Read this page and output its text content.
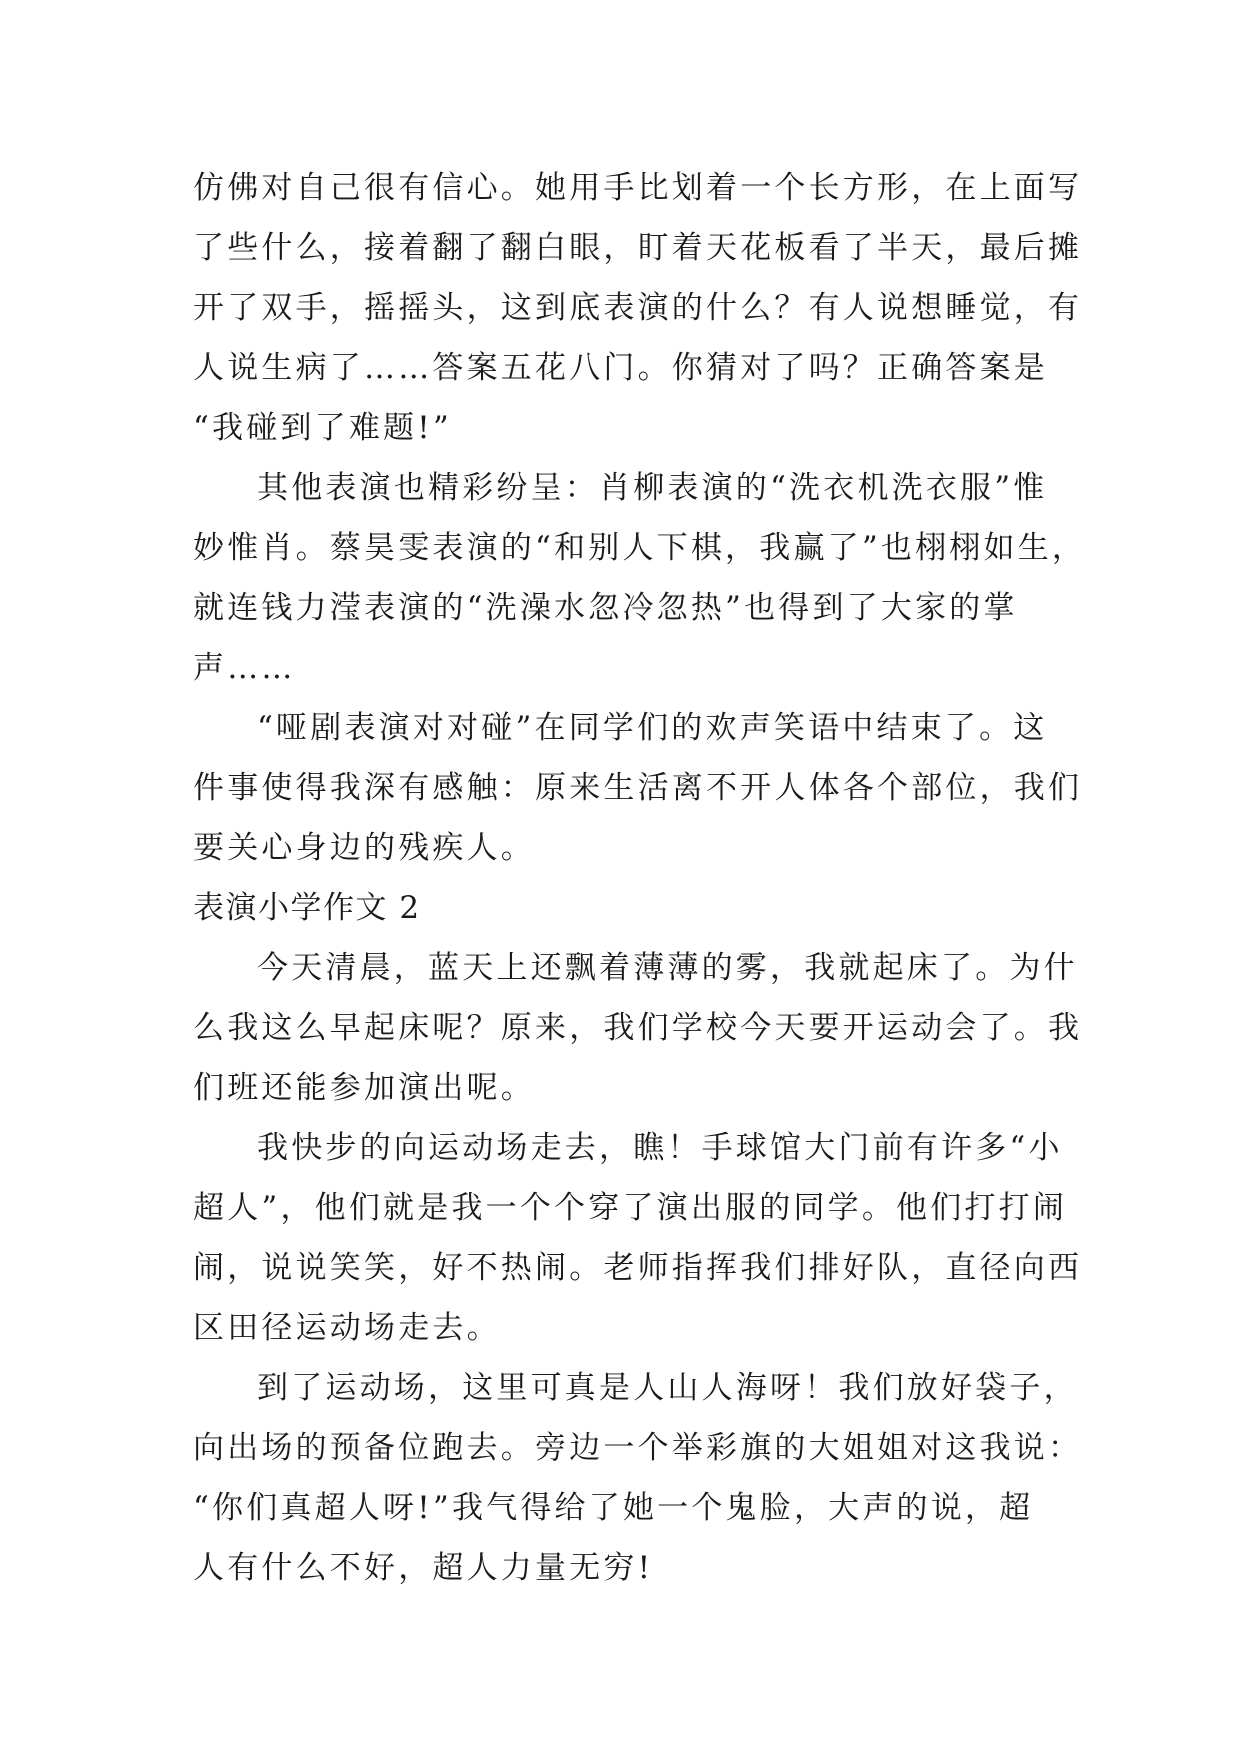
仿佛对自己很有信心。她用手比划着一个长方形，在上面写
了些什么，接着翻了翻白眼，盯着天花板看了半天，最后摊
开了双手，摇摇头，这到底表演的什么？有人说想睡觉，有
人说生病了……答案五花八门。你猜对了吗？正确答案是
“我碰到了难题!”
其他表演也精彩纷呈：肖柳表演的“洗衣机洗衣服”惟
妙惟肖。蔡昊雯表演的“和别人下棋，我赢了”也栩栩如生，
就连钱力滢表演的“洗澡水忽冷忽热”也得到了大家的掌
声……
“哑剧表演对对碰”在同学们的欢声笑语中结束了。这
件事使得我深有感触：原来生活离不开人体各个部位，我们
要关心身边的残疾人。
表演小学作文 2
今天清晨，蓝天上还飘着薄薄的雾，我就起床了。为什
么我这么早起床呢？原来，我们学校今天要开运动会了。我
们班还能参加演出呢。
我快步的向运动场走去，瞧！手球馆大门前有许多“小
超人”，他们就是我一个个穿了演出服的同学。他们打打闹
闹，说说笑笑，好不热闹。老师指挥我们排好队，直径向西
区田径运动场走去。
到了运动场，这里可真是人山人海呀！我们放好袋子，
向出场的预备位跑去。旁边一个举彩旗的大姐姐对这我说：
“你们真超人呀!”我气得给了她一个鬼脸，大声的说，超
人有什么不好，超人力量无穷!
